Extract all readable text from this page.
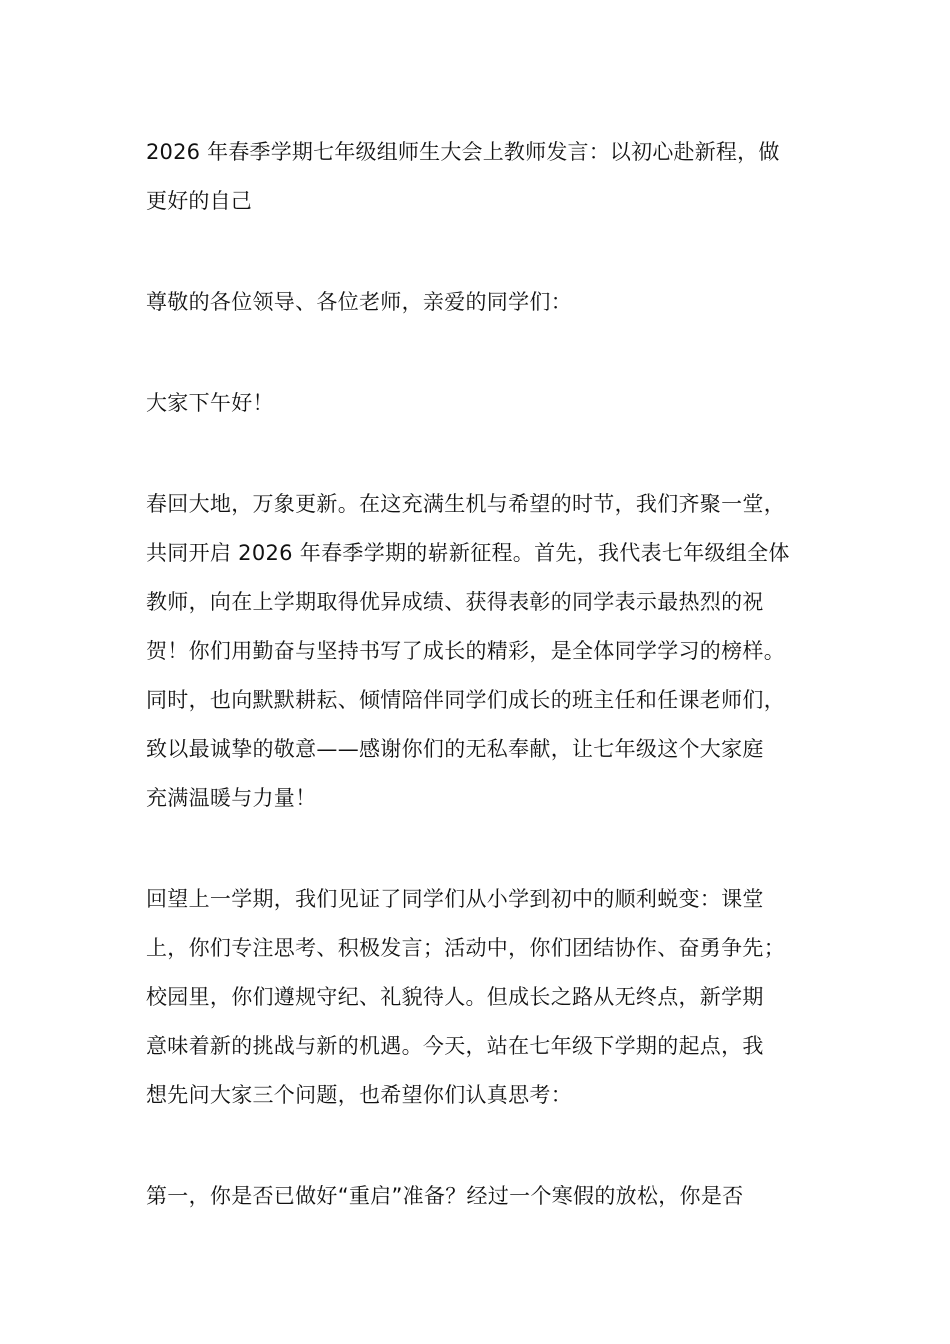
2026 年春季学期七年级组师生大会上教师发言：以初心赴新程，做
更好的自己
尊敬的各位领导、各位老师，亲爱的同学们：
大家下午好！
春回大地，万象更新。在这充满生机与希望的时节，我们齐聚一堂，
共同开启 2026 年春季学期的崭新征程。首先，我代表七年级组全体
教师，向在上学期取得优异成绩、获得表彰的同学表示最热烈的祝
贺！你们用勤奋与坚持书写了成长的精彩，是全体同学学习的榜样。
同时，也向默默耕耘、倾情陪伴同学们成长的班主任和任课老师们，
致以最诚挚的敬意——感谢你们的无私奉献，让七年级这个大家庭
充满温暖与力量！
回望上一学期，我们见证了同学们从小学到初中的顺利蜕变：课堂
上，你们专注思考、积极发言；活动中，你们团结协作、奋勇争先；
校园里，你们遵规守纪、礼貌待人。但成长之路从无终点，新学期
意味着新的挑战与新的机遇。今天，站在七年级下学期的起点，我
想先问大家三个问题，也希望你们认真思考：
第一，你是否已做好“重启”准备？经过一个寒假的放松，你是否
